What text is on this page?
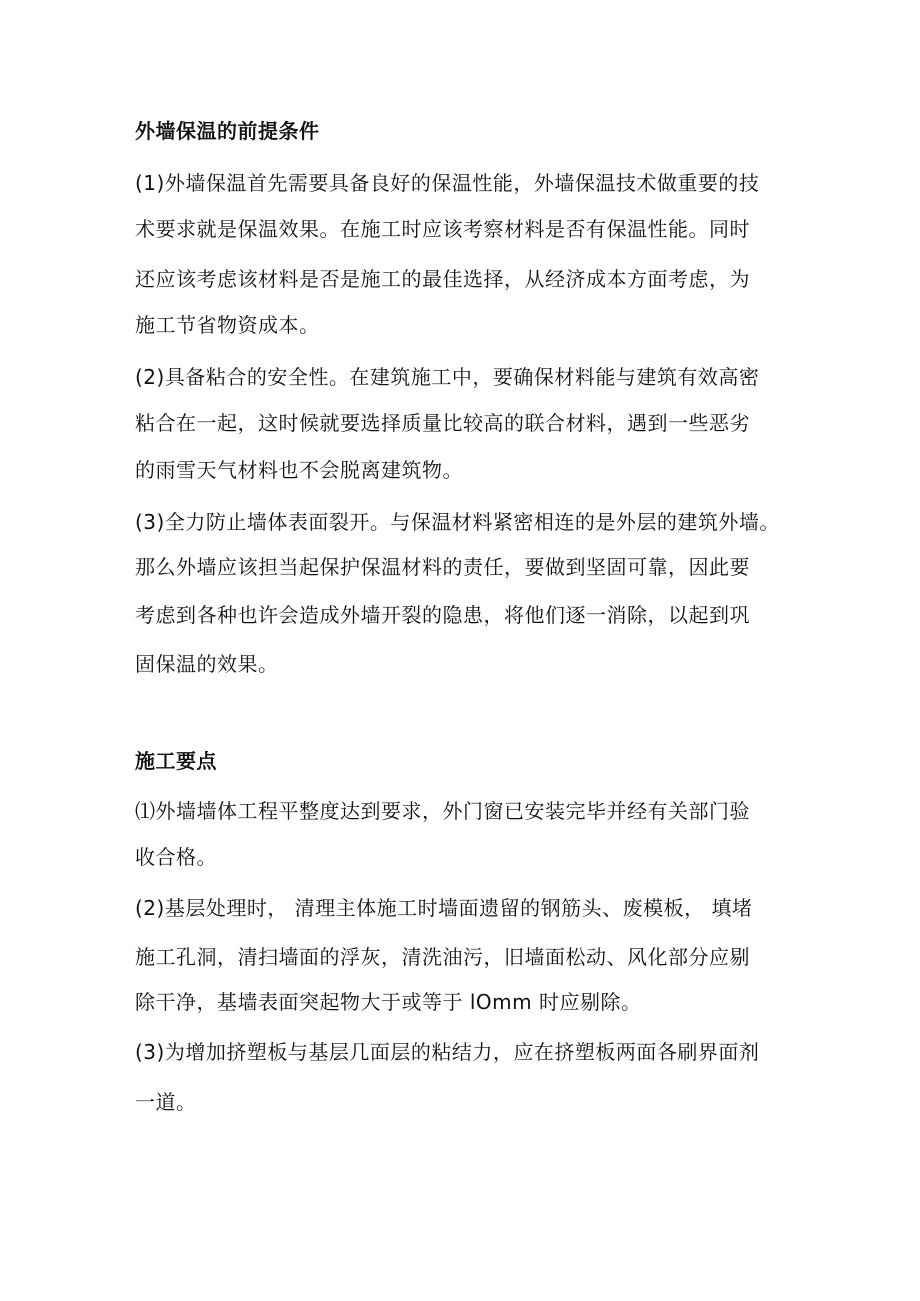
外墙保温的前提条件
(1)外墙保温首先需要具备良好的保温性能，外墙保温技术做重要的技
术要求就是保温效果。在施工时应该考察材料是否有保温性能。同时
还应该考虑该材料是否是施工的最佳选择，从经济成本方面考虑，为
施工节省物资成本。
(2)具备粘合的安全性。在建筑施工中，要确保材料能与建筑有效高密
粘合在一起，这时候就要选择质量比较高的联合材料，遇到一些恶劣
的雨雪天气材料也不会脱离建筑物。
(3)全力防止墙体表面裂开。与保温材料紧密相连的是外层的建筑外墙。
那么外墙应该担当起保护保温材料的责任，要做到坚固可靠，因此要
考虑到各种也许会造成外墙开裂的隐患，将他们逐一消除，以起到巩
固保温的效果。
施工要点
⑴外墙墙体工程平整度达到要求，外门窗已安装完毕并经有关部门验
收合格。
(2)基层处理时， 清理主体施工时墙面遗留的钢筋头、废模板， 填堵
施工孔洞，清扫墙面的浮灰，清洗油污，旧墙面松动、风化部分应剔
除干净，基墙表面突起物大于或等于 lOmm 时应剔除。
(3)为增加挤塑板与基层几面层的粘结力，应在挤塑板两面各刷界面剂
一道。
